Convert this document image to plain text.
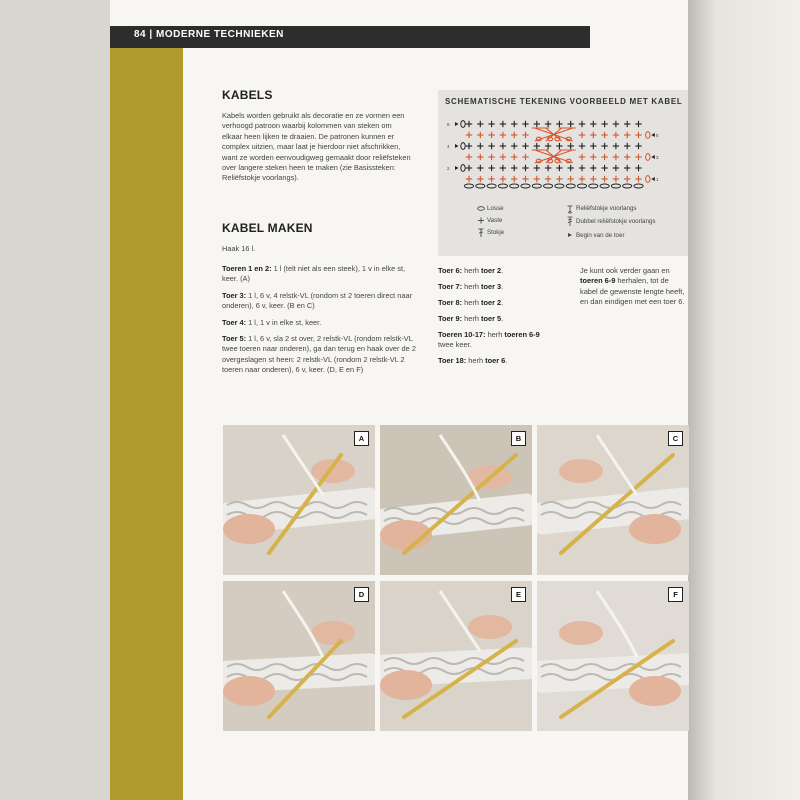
84 | MODERNE TECHNIEKEN
KABELS

Kabels worden gebruikt als decoratie en ze vormen een verhoogd patroon waarbij kolommen van steken om elkaar heen lijken te draaien. De patronen kunnen er complex uitzien, maar laat je hierdoor niet afschrikken, want ze worden eenvoudigweg gemaakt door reliëfsteken over langere steken heen te maken (zie Basissteken: Reliëfstokje voorlangs).

KABEL MAKEN

Haak 16 l.

Toeren 1 en 2: 1 l (telt niet als een steek), 1 v in elke st, keer. (A)

Toer 3: 1 l, 6 v, 4 relstk-VL (rondom st 2 toeren direct naar onderen), 6 v, keer. (B en C)

Toer 4: 1 l, 1 v in elke st, keer.

Toer 5: 1 l, 6 v, sla 2 st over, 2 relstk-VL (rondom relstk-VL twee toeren naar onderen), ga dan terug en haak over de 2 overgeslagen st heen: 2 relstk-VL (rondom 2 relstk-VL 2 toeren naar onderen), 6 v, keer. (D, E en F)

Toer 6: herh toer 2.

Toer 7: herh toer 3.

Toer 8: herh toer 2.

Toer 9: herh toer 5.

Toeren 10-17: herh toeren 6-9 twee keer.

Toer 18: herh toer 6.

Je kunt ook verder gaan en toeren 6-9 herhalen, tot de kabel de gewenste lengte heeft, en dan eindigen met een toer 6.

SCHEMATISCHE TEKENING VOORBEELD MET KABEL
6
4
2
5
3
1
Losse
Vaste
Stokje
Reliëfstokje voorlangs
Dubbel reliëfstokje voorlangs
Begin van de toer
A	B	C
D	E	F
